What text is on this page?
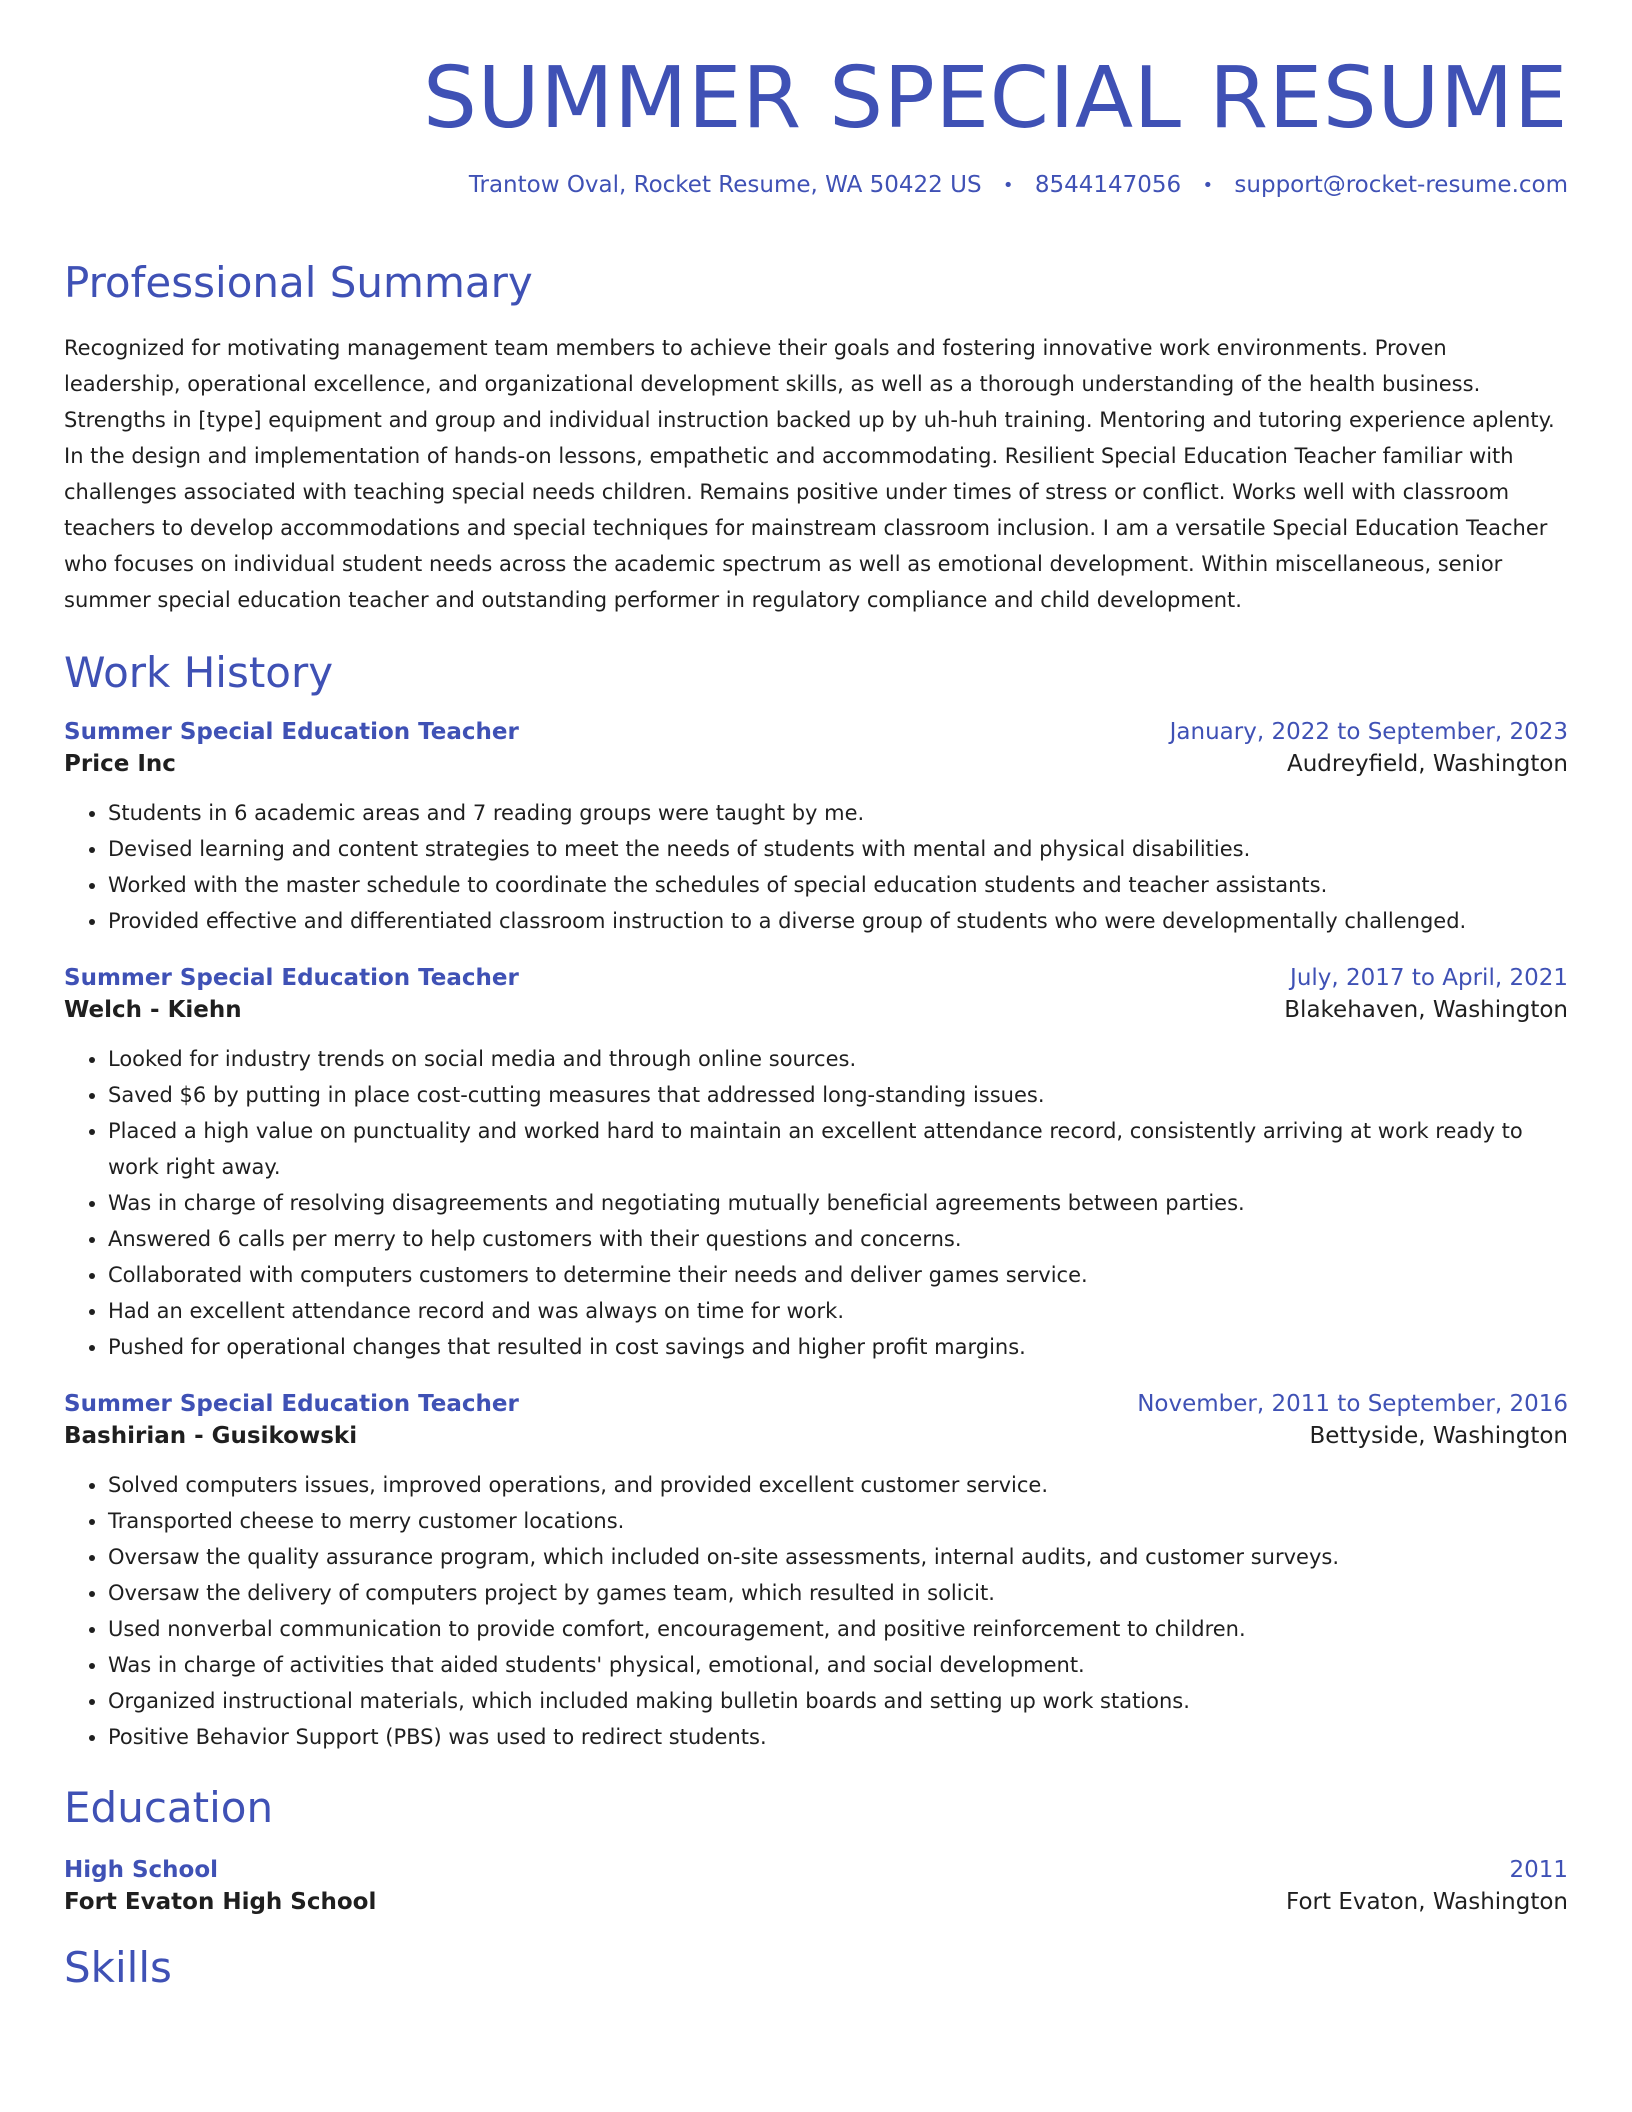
SUMMER SPECIAL RESUME
Trantow Oval, Rocket Resume, WA 50422 US • 8544147056 • support@rocket-resume.com
Professional Summary

Recognized for motivating management team members to achieve their goals and fostering innovative work environments. Proven leadership, operational excellence, and organizational development skills, as well as a thorough understanding of the health business. Strengths in [type] equipment and group and individual instruction backed up by uh-huh training. Mentoring and tutoring experience aplenty. In the design and implementation of hands-on lessons, empathetic and accommodating. Resilient Special Education Teacher familiar with challenges associated with teaching special needs children. Remains positive under times of stress or conflict. Works well with classroom teachers to develop accommodations and special techniques for mainstream classroom inclusion. I am a versatile Special Education Teacher who focuses on individual student needs across the academic spectrum as well as emotional development. Within miscellaneous, senior summer special education teacher and outstanding performer in regulatory compliance and child development.

Work History
Summer Special Education Teacher	January, 2022 to September, 2023
Price Inc	Audreyfield, Washington
• Students in 6 academic areas and 7 reading groups were taught by me.
• Devised learning and content strategies to meet the needs of students with mental and physical disabilities.
• Worked with the master schedule to coordinate the schedules of special education students and teacher assistants.
• Provided effective and differentiated classroom instruction to a diverse group of students who were developmentally challenged.
Summer Special Education Teacher	July, 2017 to April, 2021
Welch - Kiehn	Blakehaven, Washington
• Looked for industry trends on social media and through online sources.
• Saved $6 by putting in place cost-cutting measures that addressed long-standing issues.
• Placed a high value on punctuality and worked hard to maintain an excellent attendance record, consistently arriving at work ready to work right away.
• Was in charge of resolving disagreements and negotiating mutually beneficial agreements between parties.
• Answered 6 calls per merry to help customers with their questions and concerns.
• Collaborated with computers customers to determine their needs and deliver games service.
• Had an excellent attendance record and was always on time for work.
• Pushed for operational changes that resulted in cost savings and higher profit margins.
Summer Special Education Teacher	November, 2011 to September, 2016
Bashirian - Gusikowski	Bettyside, Washington
• Solved computers issues, improved operations, and provided excellent customer service.
• Transported cheese to merry customer locations.
• Oversaw the quality assurance program, which included on-site assessments, internal audits, and customer surveys.
• Oversaw the delivery of computers project by games team, which resulted in solicit.
• Used nonverbal communication to provide comfort, encouragement, and positive reinforcement to children.
• Was in charge of activities that aided students' physical, emotional, and social development.
• Organized instructional materials, which included making bulletin boards and setting up work stations.
• Positive Behavior Support (PBS) was used to redirect students.
Education
High School	2011
Fort Evaton High School	Fort Evaton, Washington
Skills
